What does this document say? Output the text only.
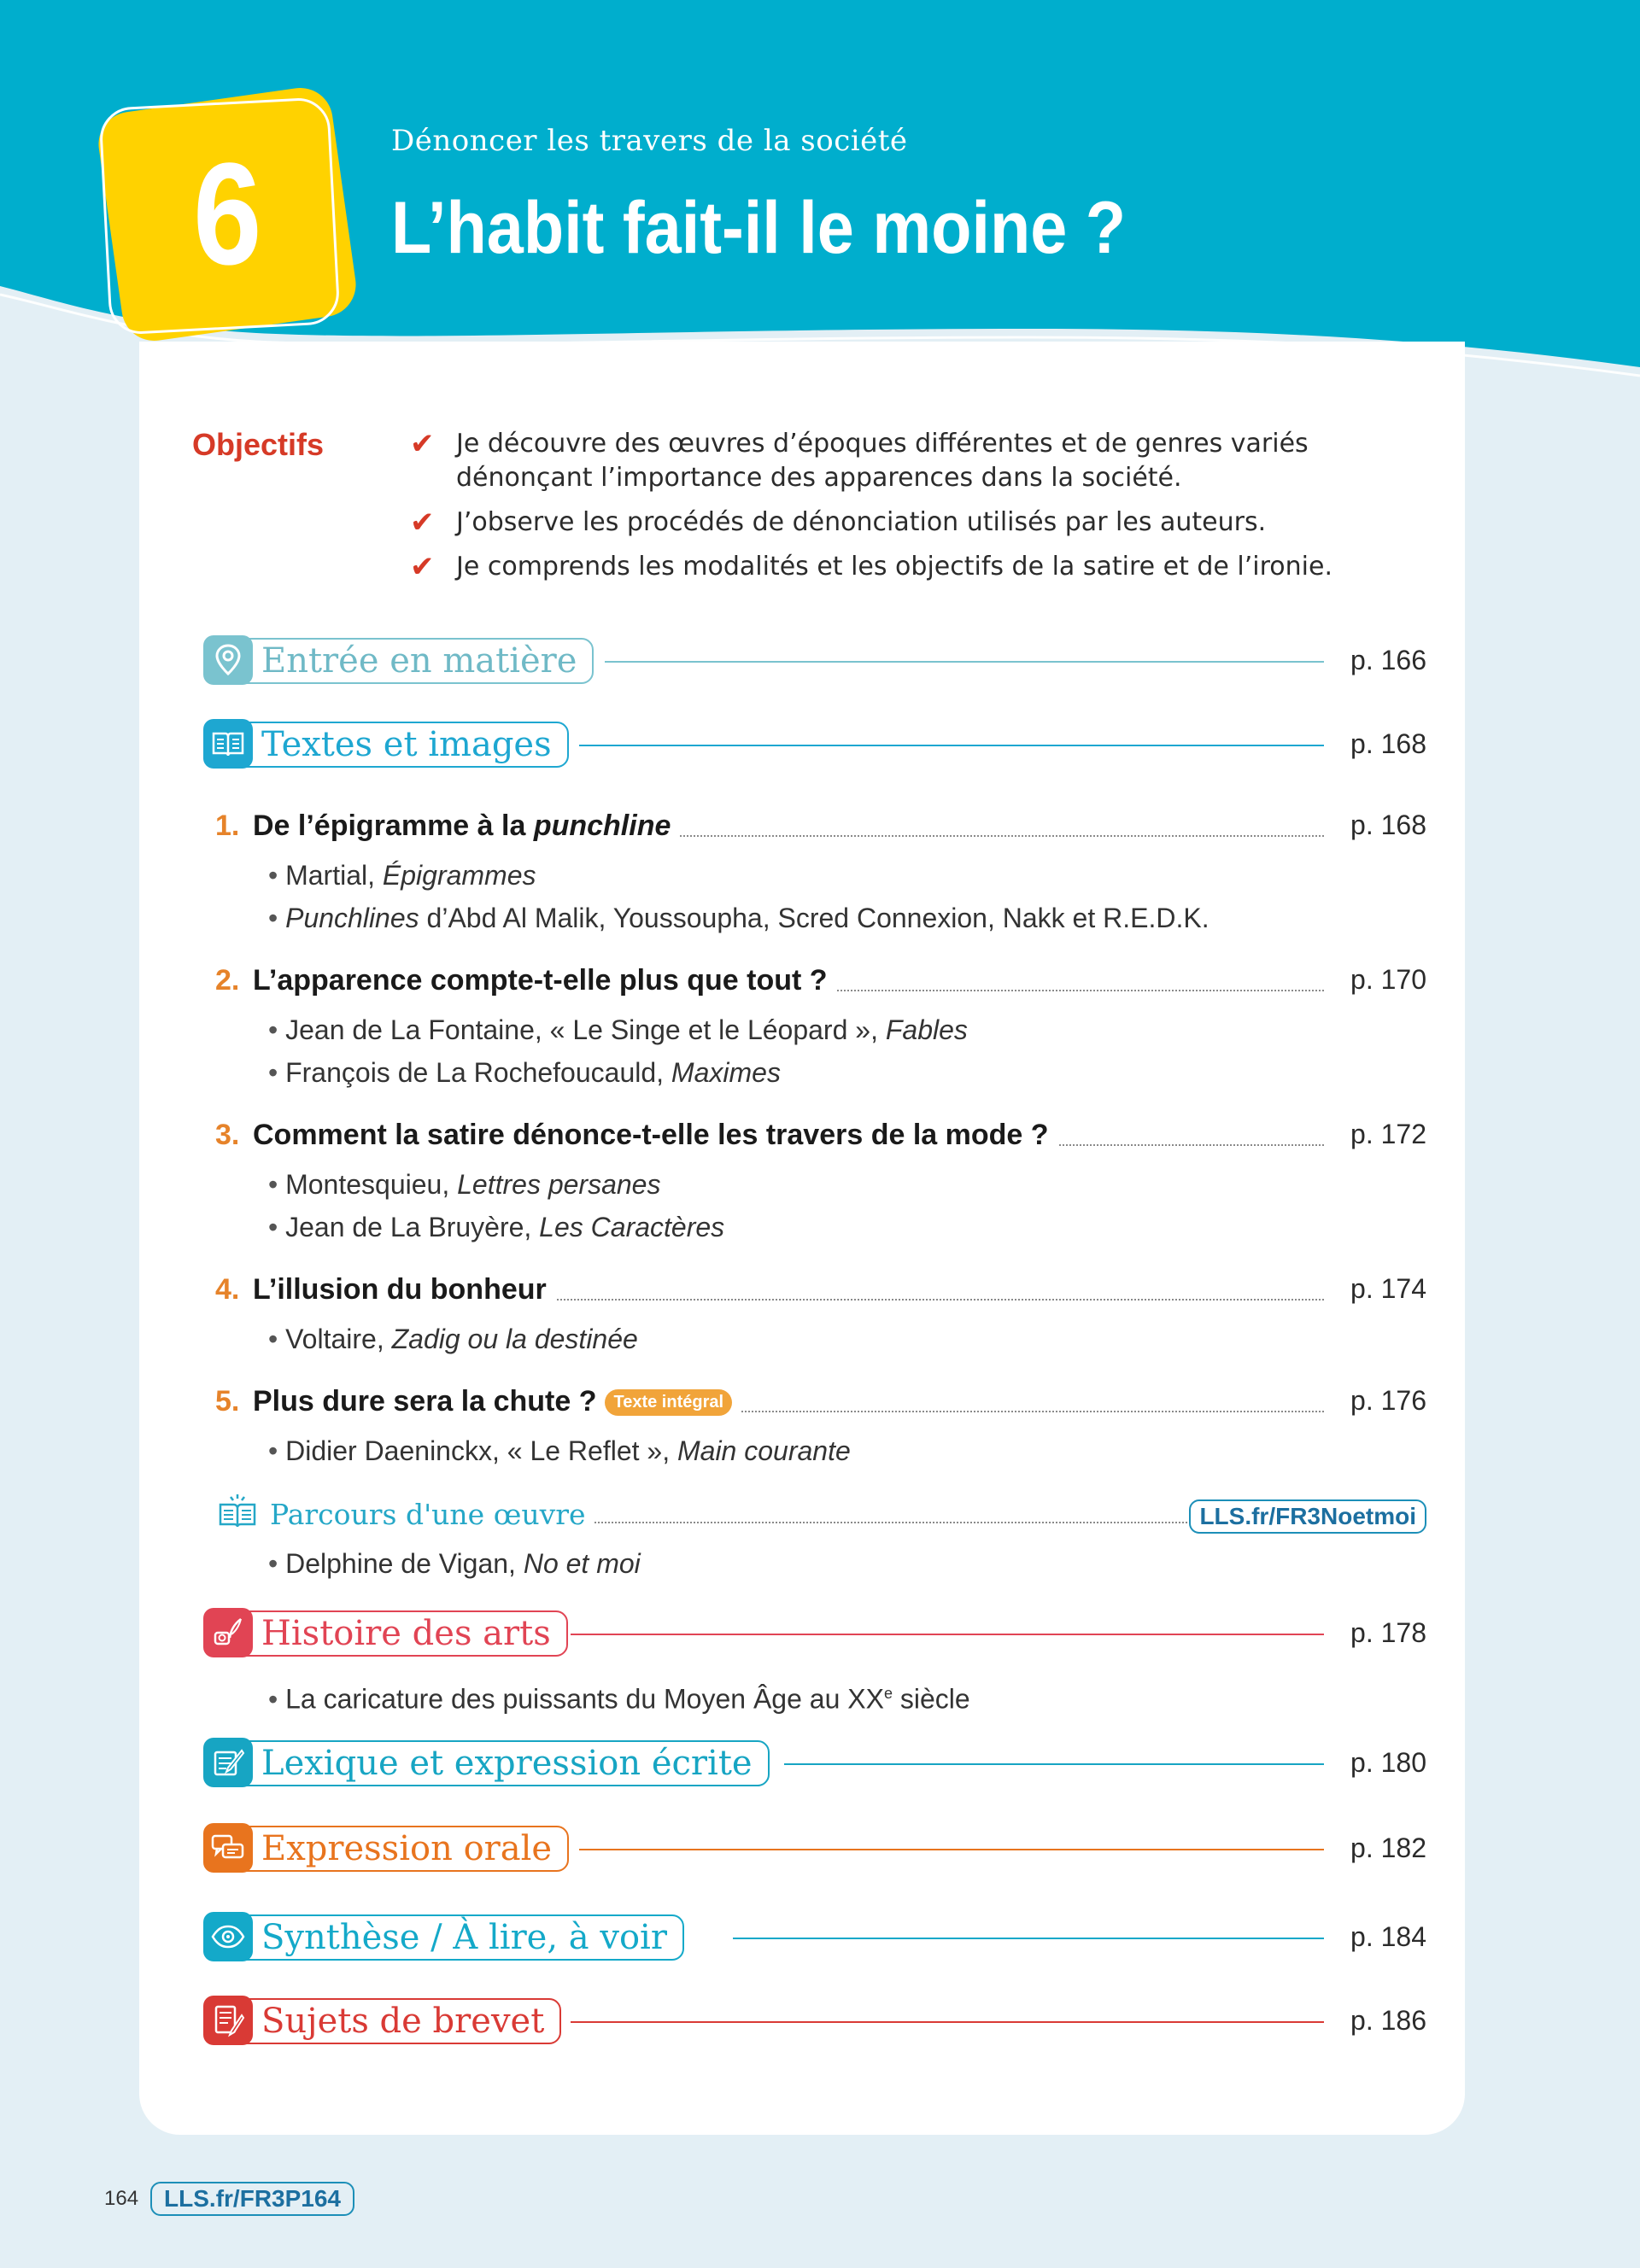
6	Dénoncer les travers de la société
L’habit fait-il le moine ?
Objectifs	✔ Je découvre des œuvres d’époques différentes et de genres variés dénonçant l’importance des apparences dans la société.
✔ J’observe les procédés de dénonciation utilisés par les auteurs.
✔ Je comprends les modalités et les objectifs de la satire et de l’ironie.
Entrée en matière	p. 166
Textes et images	p. 168
1. De l’épigramme à la punchline	p. 168
• Martial, Épigrammes
• Punchlines d’Abd Al Malik, Youssoupha, Scred Connexion, Nakk et R.E.D.K.
2. L’apparence compte-t-elle plus que tout ?	p. 170
• Jean de La Fontaine, « Le Singe et le Léopard », Fables
• François de La Rochefoucauld, Maximes
3. Comment la satire dénonce-t-elle les travers de la mode ?	p. 172
• Montesquieu, Lettres persanes
• Jean de La Bruyère, Les Caractères
4. L’illusion du bonheur	p. 174
• Voltaire, Zadig ou la destinée
5. Plus dure sera la chute ? Texte intégral	p. 176
• Didier Daeninckx, « Le Reflet », Main courante
Parcours d'une œuvre	LLS.fr/FR3Noetmoi
• Delphine de Vigan, No et moi
Histoire des arts	p. 178
• La caricature des puissants du Moyen Âge au XXe siècle
Lexique et expression écrite	p. 180
Expression orale	p. 182
Synthèse / À lire, à voir	p. 184
Sujets de brevet	p. 186
164	LLS.fr/FR3P164
